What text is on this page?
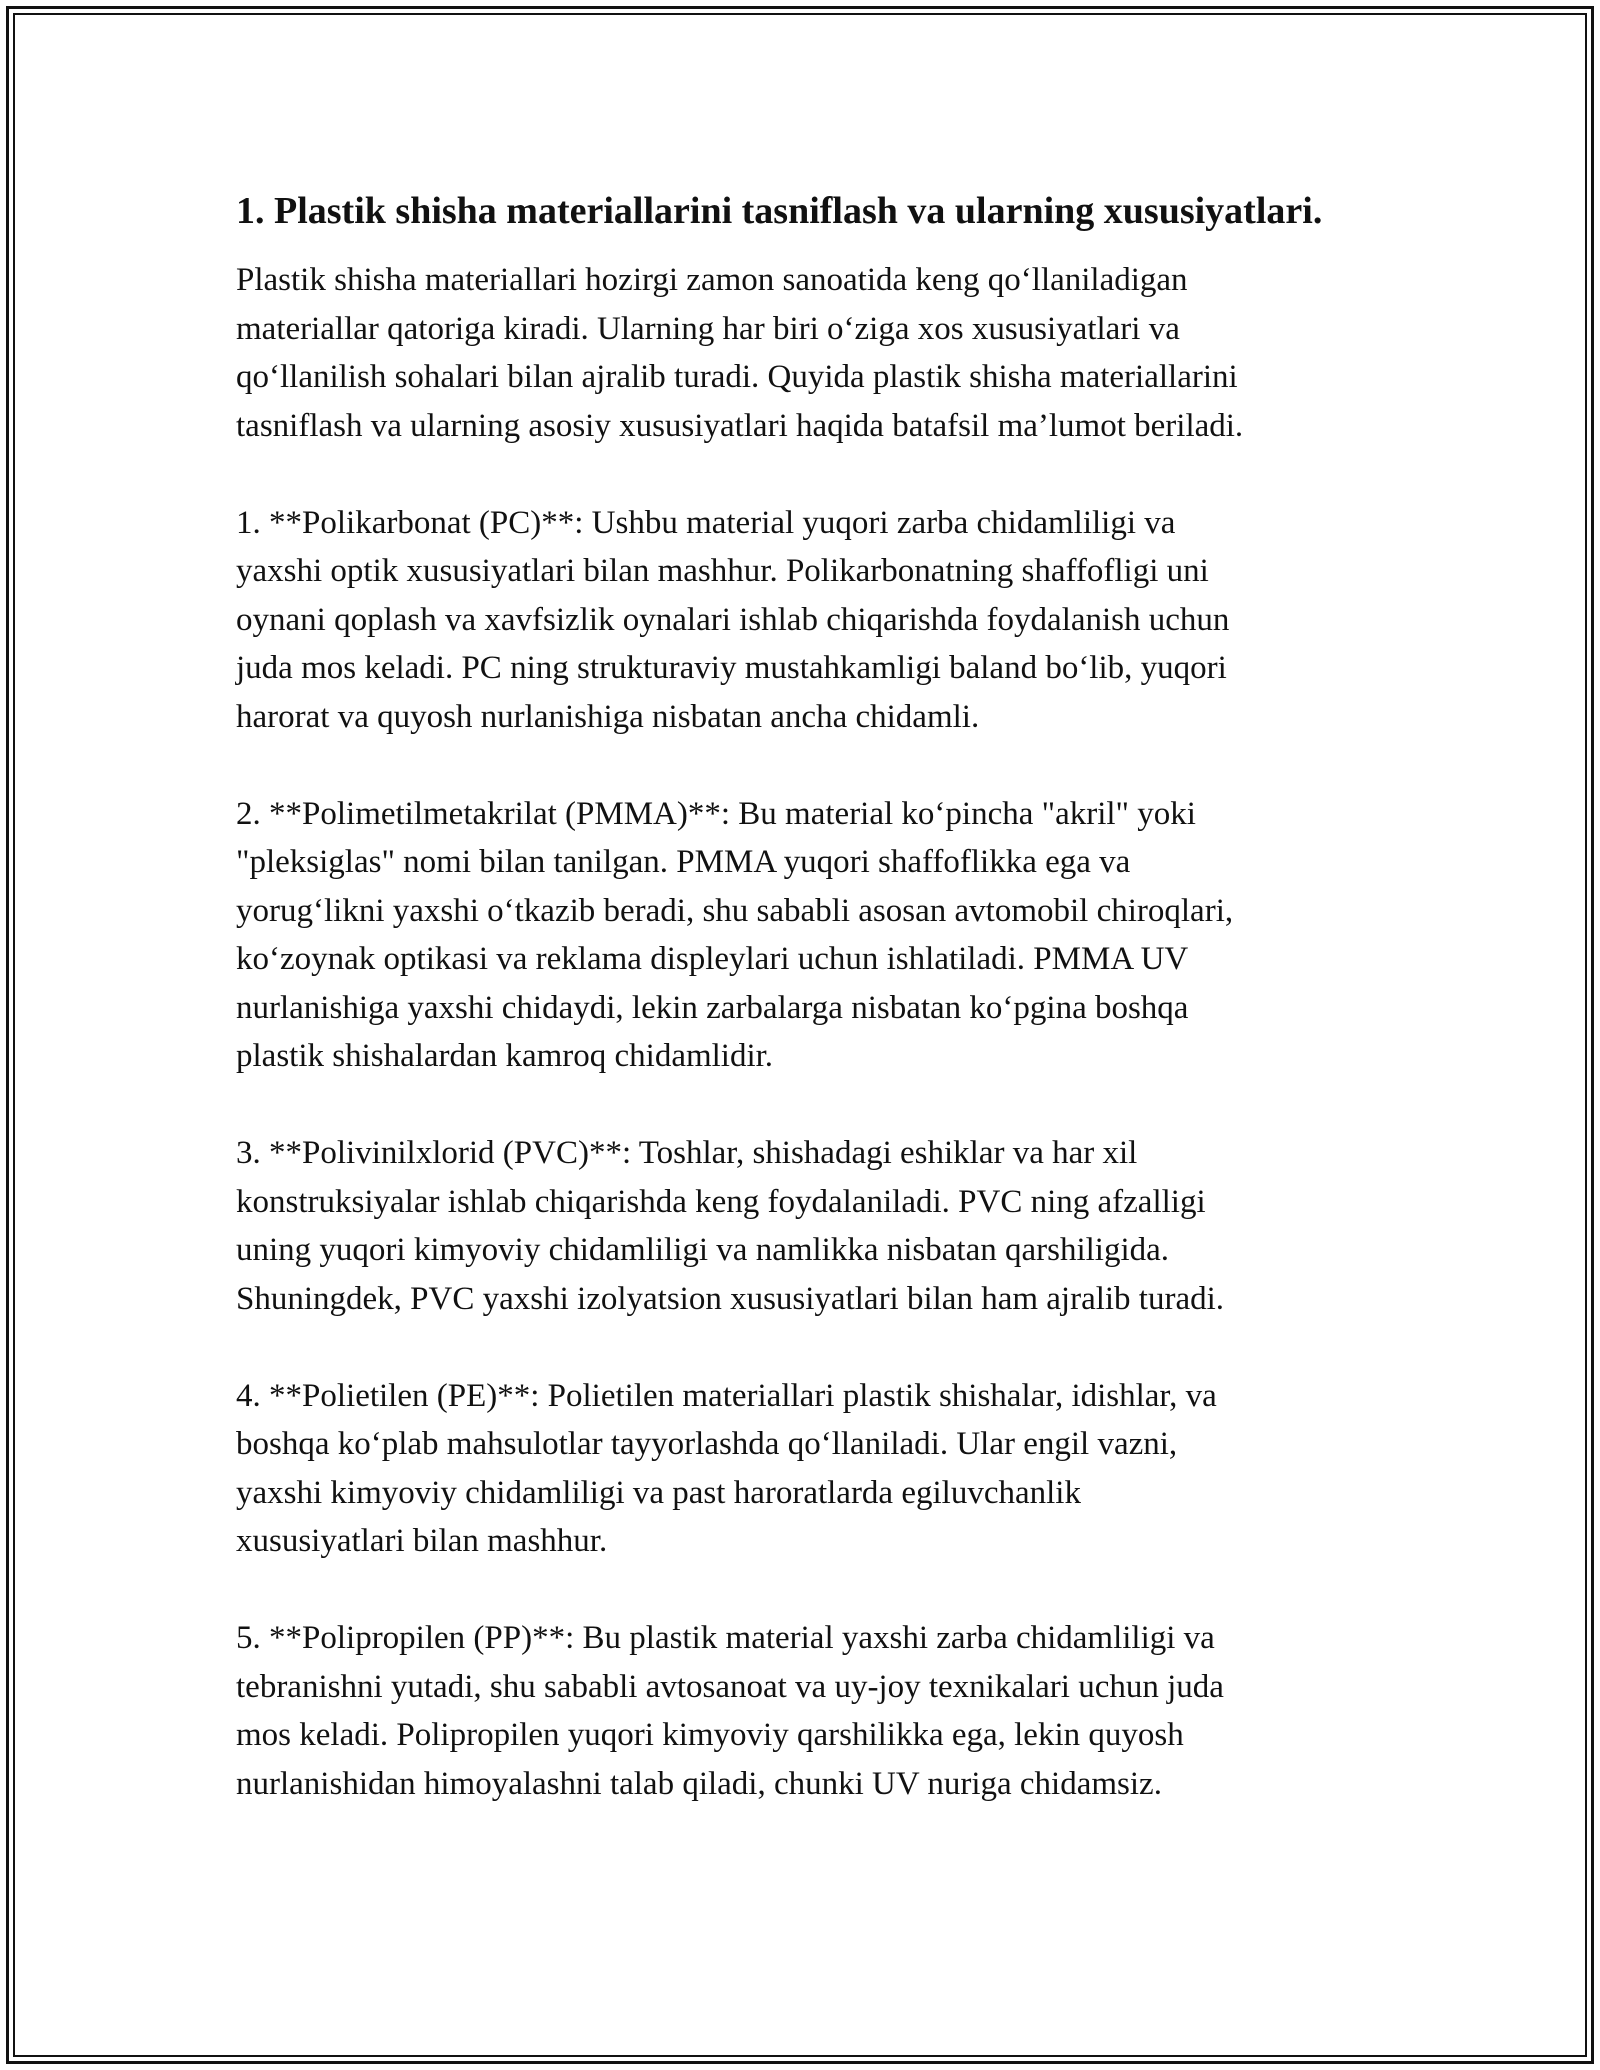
1. Plastik shisha materiallarini tasniflash va ularning xususiyatlari.

Plastik shisha materiallari hozirgi zamon sanoatida keng qo‘llaniladigan
materiallar qatoriga kiradi. Ularning har biri o‘ziga xos xususiyatlari va
qo‘llanilish sohalari bilan ajralib turadi. Quyida plastik shisha materiallarini
tasniflash va ularning asosiy xususiyatlari haqida batafsil ma’lumot beriladi.

1. **Polikarbonat (PC)**: Ushbu material yuqori zarba chidamliligi va
yaxshi optik xususiyatlari bilan mashhur. Polikarbonatning shaffofligi uni
oynani qoplash va xavfsizlik oynalari ishlab chiqarishda foydalanish uchun
juda mos keladi. PC ning strukturaviy mustahkamligi baland bo‘lib, yuqori
harorat va quyosh nurlanishiga nisbatan ancha chidamli.

2. **Polimetilmetakrilat (PMMA)**: Bu material ko‘pincha "akril" yoki
"pleksiglas" nomi bilan tanilgan. PMMA yuqori shaffoflikka ega va
yorug‘likni yaxshi o‘tkazib beradi, shu sababli asosan avtomobil chiroqlari,
ko‘zoynak optikasi va reklama displeylari uchun ishlatiladi. PMMA UV
nurlanishiga yaxshi chidaydi, lekin zarbalarga nisbatan ko‘pgina boshqa
plastik shishalardan kamroq chidamlidir.

3. **Polivinilxlorid (PVC)**: Toshlar, shishadagi eshiklar va har xil
konstruksiyalar ishlab chiqarishda keng foydalaniladi. PVC ning afzalligi
uning yuqori kimyoviy chidamliligi va namlikka nisbatan qarshiligida.
Shuningdek, PVC yaxshi izolyatsion xususiyatlari bilan ham ajralib turadi.

4. **Polietilen (PE)**: Polietilen materiallari plastik shishalar, idishlar, va
boshqa ko‘plab mahsulotlar tayyorlashda qo‘llaniladi. Ular engil vazni,
yaxshi kimyoviy chidamliligi va past haroratlarda egiluvchanlik
xususiyatlari bilan mashhur.

5. **Polipropilen (PP)**: Bu plastik material yaxshi zarba chidamliligi va
tebranishni yutadi, shu sababli avtosanoat va uy-joy texnikalari uchun juda
mos keladi. Polipropilen yuqori kimyoviy qarshilikka ega, lekin quyosh
nurlanishidan himoyalashni talab qiladi, chunki UV nuriga chidamsiz.
